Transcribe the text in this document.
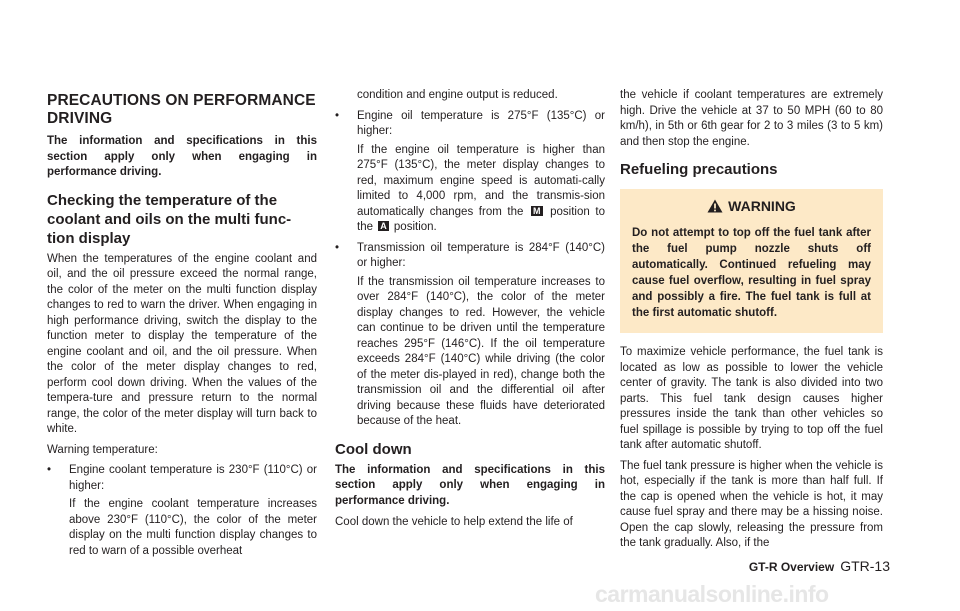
PRECAUTIONS ON PERFORMANCE DRIVING
The information and specifications in this section apply only when engaging in performance driving.
Checking the temperature of the coolant and oils on the multi func-tion display
When the temperatures of the engine coolant and oil, and the oil pressure exceed the normal range, the color of the meter on the multi function display changes to red to warn the driver. When engaging in high performance driving, switch the display to the function meter to display the temperature of the engine coolant and oil, and the oil pressure. When the color of the meter display changes to red, perform cool down driving. When the values of the tempera-ture and pressure return to the normal range, the color of the meter display will turn back to white.
Warning temperature:
• Engine coolant temperature is 230°F (110°C) or higher:
If the engine coolant temperature increases above 230°F (110°C), the color of the meter display on the multi function display changes to red to warn of a possible overheat
condition and engine output is reduced.
• Engine oil temperature is 275°F (135°C) or higher:
If the engine oil temperature is higher than 275°F (135°C), the meter display changes to red, maximum engine speed is automati-cally limited to 4,000 rpm, and the transmis-sion automatically changes from the M position to the A position.
• Transmission oil temperature is 284°F (140°C) or higher:
If the transmission oil temperature increases to over 284°F (140°C), the color of the meter display changes to red. However, the vehicle can continue to be driven until the temperature reaches 295°F (146°C). If the oil temperature exceeds 284°F (140°C) while driving (the color of the meter dis-played in red), change both the transmission oil and the differential oil after driving because these fluids have deteriorated because of the heat.
Cool down
The information and specifications in this section apply only when engaging in performance driving.
Cool down the vehicle to help extend the life of
the vehicle if coolant temperatures are extremely high. Drive the vehicle at 37 to 50 MPH (60 to 80 km/h), in 5th or 6th gear for 2 to 3 miles (3 to 5 km) and then stop the engine.
Refueling precautions
WARNING
Do not attempt to top off the fuel tank after the fuel pump nozzle shuts off automatically. Continued refueling may cause fuel overflow, resulting in fuel spray and possibly a fire. The fuel tank is full at the first automatic shutoff.
To maximize vehicle performance, the fuel tank is located as low as possible to lower the vehicle center of gravity. The tank is also divided into two parts. This fuel tank design causes higher pressures inside the tank than other vehicles so fuel spillage is possible by trying to top off the fuel tank after automatic shutoff.
The fuel tank pressure is higher when the vehicle is hot, especially if the tank is more than half full. If the cap is opened when the vehicle is hot, it may cause fuel spray and there may be a hissing noise. Open the cap slowly, releasing the pressure from the tank gradually. Also, if the
GT-R Overview GTR-13
carmanualsonline.info
